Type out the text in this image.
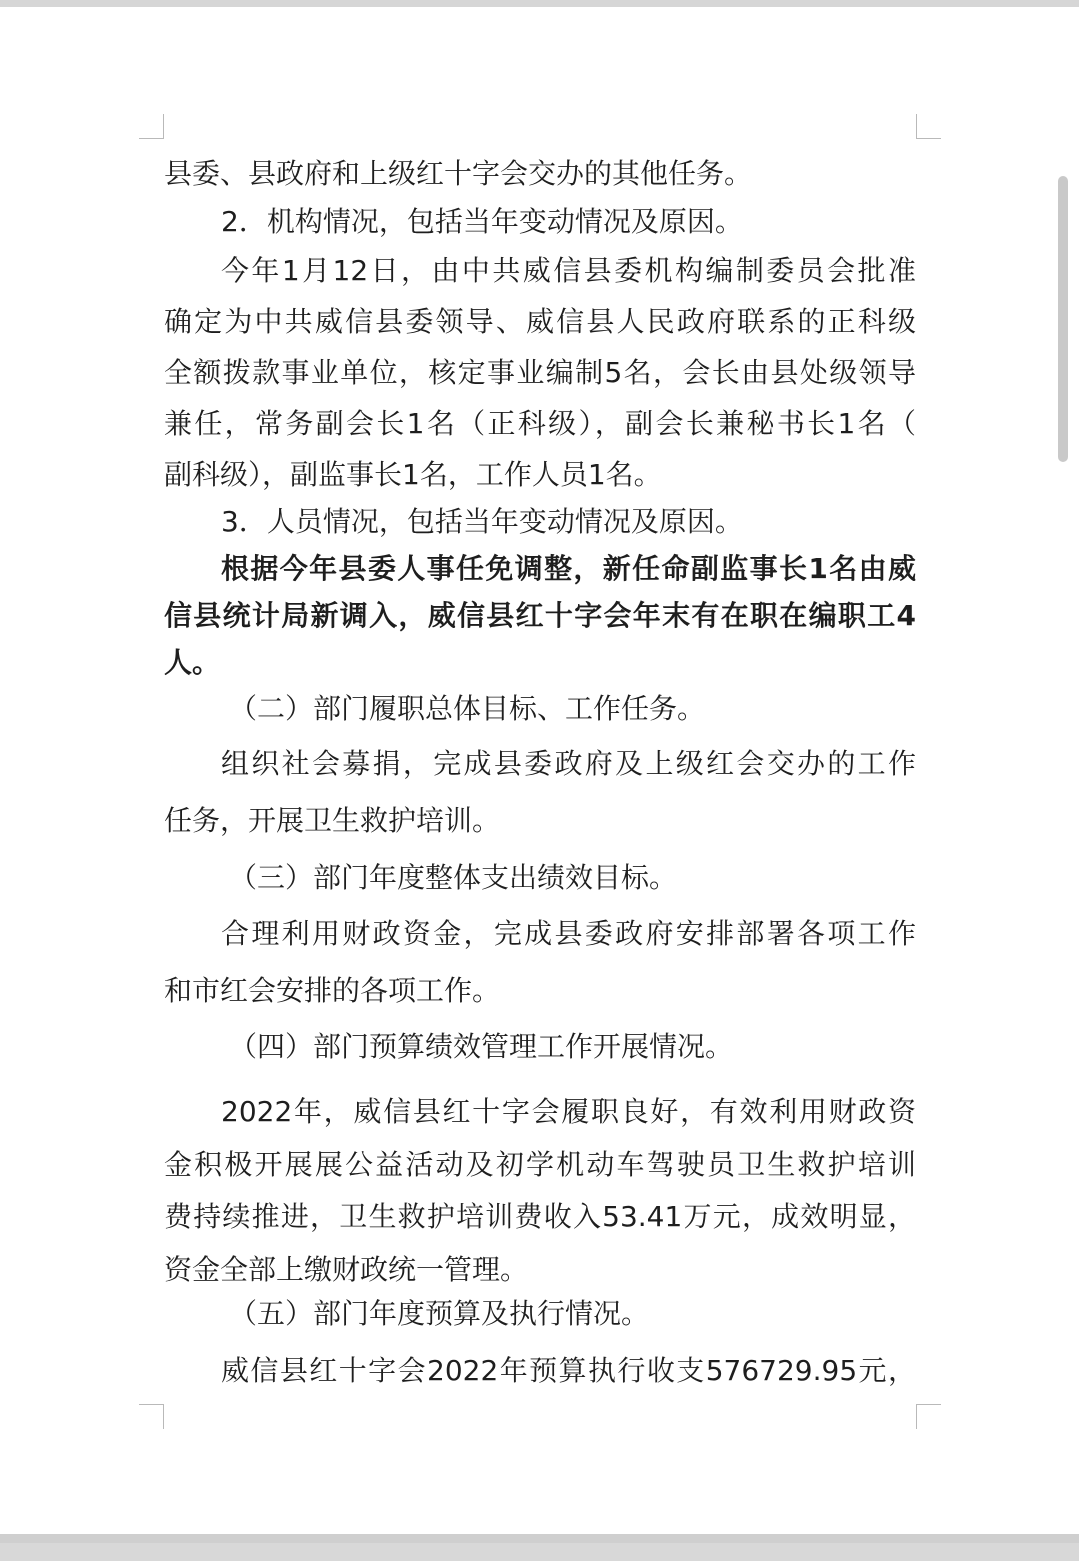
县委、县政府和上级红十字会交办的其他任务。
2．机构情况，包括当年变动情况及原因。
今年1月12日，由中共威信县委机构编制委员会批准
确定为中共威信县委领导、威信县人民政府联系的正科级
全额拨款事业单位，核定事业编制5名，会长由县处级领导
兼任，常务副会长1名（正科级），副会长兼秘书长1名（
副科级），副监事长1名，工作人员1名。
3．人员情况，包括当年变动情况及原因。
根据今年县委人事任免调整，新任命副监事长1名由威
信县统计局新调入，威信县红十字会年末有在职在编职工4
人。
（二）部门履职总体目标、工作任务。
组织社会募捐，完成县委政府及上级红会交办的工作
任务，开展卫生救护培训。
（三）部门年度整体支出绩效目标。
合理利用财政资金，完成县委政府安排部署各项工作
和市红会安排的各项工作。
（四）部门预算绩效管理工作开展情况。
2022年，威信县红十字会履职良好，有效利用财政资
金积极开展展公益活动及初学机动车驾驶员卫生救护培训
费持续推进，卫生救护培训费收入53.41万元，成效明显，
资金全部上缴财政统一管理。
（五）部门年度预算及执行情况。
威信县红十字会2022年预算执行收支576729.95元，
